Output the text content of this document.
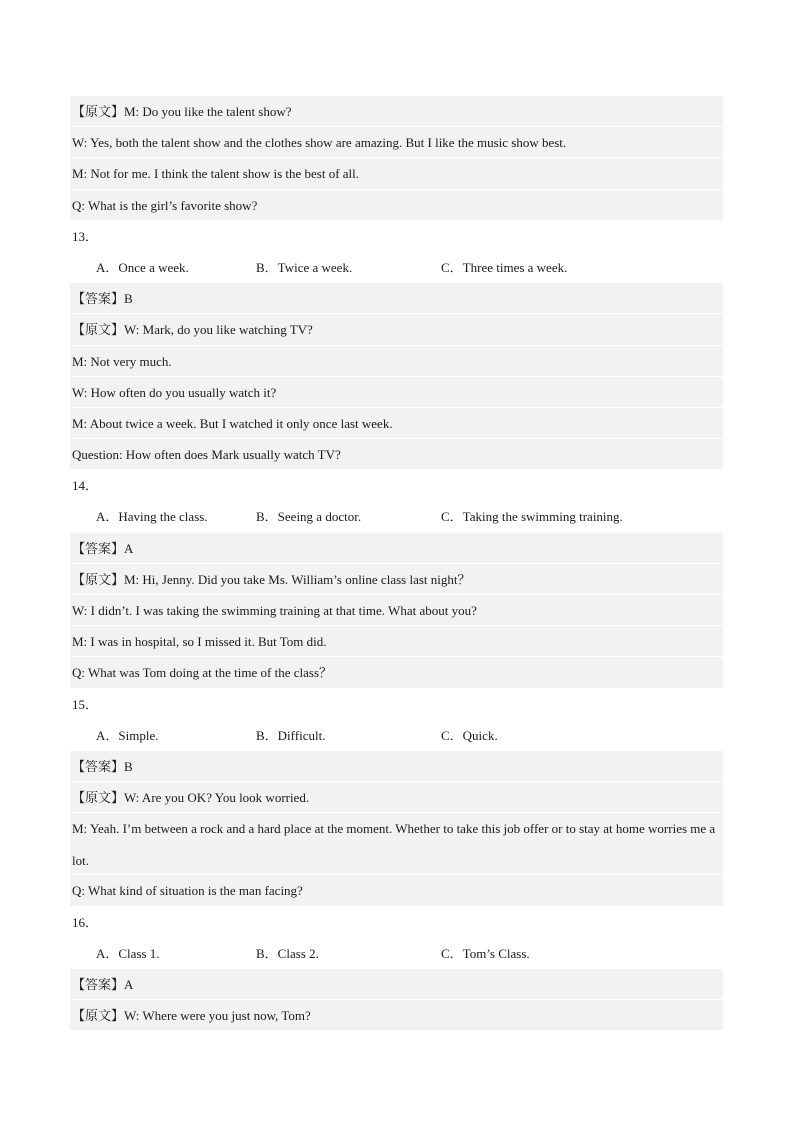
【原文】M: Do you like the talent show?
W: Yes, both the talent show and the clothes show are amazing. But I like the music show best.
M: Not for me. I think the talent show is the best of all.
Q: What is the girl’s favorite show?
13．
A．Once a week.	B．Twice a week.	C．Three times a week.
【答案】B
【原文】W: Mark, do you like watching TV?
M: Not very much.
W: How often do you usually watch it?
M: About twice a week. But I watched it only once last week.
Question: How often does Mark usually watch TV?
14．
A．Having the class.	B．Seeing a doctor.	C．Taking the swimming training.
【答案】A
【原文】M: Hi, Jenny. Did you take Ms. William’s online class last night？
W: I didn’t. I was taking the swimming training at that time. What about you?
M: I was in hospital, so I missed it. But Tom did.
Q: What was Tom doing at the time of the class？
15．
A．Simple.	B．Difficult.	C．Quick.
【答案】B
【原文】W: Are you OK? You look worried.
M: Yeah. I’m between a rock and a hard place at the moment. Whether to take this job offer or to stay at home worries me a lot.
Q: What kind of situation is the man facing?
16．
A．Class 1.	B．Class 2.	C．Tom’s Class.
【答案】A
【原文】W: Where were you just now, Tom?
